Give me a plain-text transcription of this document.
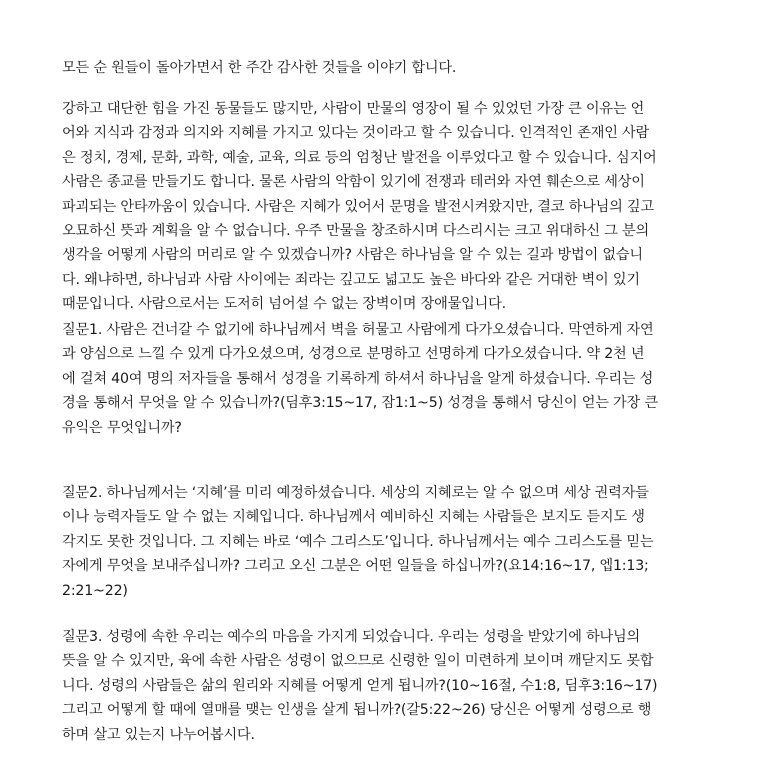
모든 순 원들이 돌아가면서 한 주간 감사한 것들을 이야기 합니다.
강하고 대단한 힘을 가진 동물들도 많지만, 사람이 만물의 영장이 될 수 있었던 가장 큰 이유는 언
어와 지식과 감정과 의지와 지혜를 가지고 있다는 것이라고 할 수 있습니다. 인격적인 존재인 사람
은 정치, 경제, 문화, 과학, 예술, 교육, 의료 등의 엄청난 발전을 이루었다고 할 수 있습니다. 심지어
사람은 종교를 만들기도 합니다. 물론 사람의 악함이 있기에 전쟁과 테러와 자연 훼손으로 세상이
파괴되는 안타까움이 있습니다. 사람은 지혜가 있어서 문명을 발전시켜왔지만, 결코 하나님의 깊고
오묘하신 뜻과 계획을 알 수 없습니다. 우주 만물을 창조하시며 다스리시는 크고 위대하신 그 분의
생각을 어떻게 사람의 머리로 알 수 있겠습니까? 사람은 하나님을 알 수 있는 길과 방법이 없습니
다. 왜냐하면, 하나님과 사람 사이에는 죄라는 깊고도 넓고도 높은 바다와 같은 거대한 벽이 있기
때문입니다. 사람으로서는 도저히 넘어설 수 없는 장벽이며 장애물입니다.
질문1. 사람은 건너갈 수 없기에 하나님께서 벽을 허물고 사람에게 다가오셨습니다. 막연하게 자연
과 양심으로 느낄 수 있게 다가오셨으며, 성경으로 분명하고 선명하게 다가오셨습니다. 약 2천 년
에 걸쳐 40여 명의 저자들을 통해서 성경을 기록하게 하셔서 하나님을 알게 하셨습니다. 우리는 성
경을 통해서 무엇을 알 수 있습니까?(딤후3:15~17, 잠1:1~5) 성경을 통해서 당신이 얻는 가장 큰
유익은 무엇입니까?
질문2. 하나님께서는 ‘지혜’를 미리 예정하셨습니다. 세상의 지혜로는 알 수 없으며 세상 권력자들
이나 능력자들도 알 수 없는 지혜입니다. 하나님께서 예비하신 지혜는 사람들은 보지도 듣지도 생
각지도 못한 것입니다. 그 지혜는 바로 ‘예수 그리스도’입니다. 하나님께서는 예수 그리스도를 믿는
자에게 무엇을 보내주십니까? 그리고 오신 그분은 어떤 일들을 하십니까?(요14:16~17, 엡1:13;
2:21~22)
질문3. 성령에 속한 우리는 예수의 마음을 가지게 되었습니다. 우리는 성령을 받았기에 하나님의
뜻을 알 수 있지만, 육에 속한 사람은 성령이 없으므로 신령한 일이 미련하게 보이며 깨닫지도 못합
니다. 성령의 사람들은 삶의 원리와 지혜를 어떻게 얻게 됩니까?(10~16절, 수1:8, 딤후3:16~17)
그리고 어떻게 할 때에 열매를 맺는 인생을 살게 됩니까?(갈5:22~26) 당신은 어떻게 성령으로 행
하며 살고 있는지 나누어봅시다.
